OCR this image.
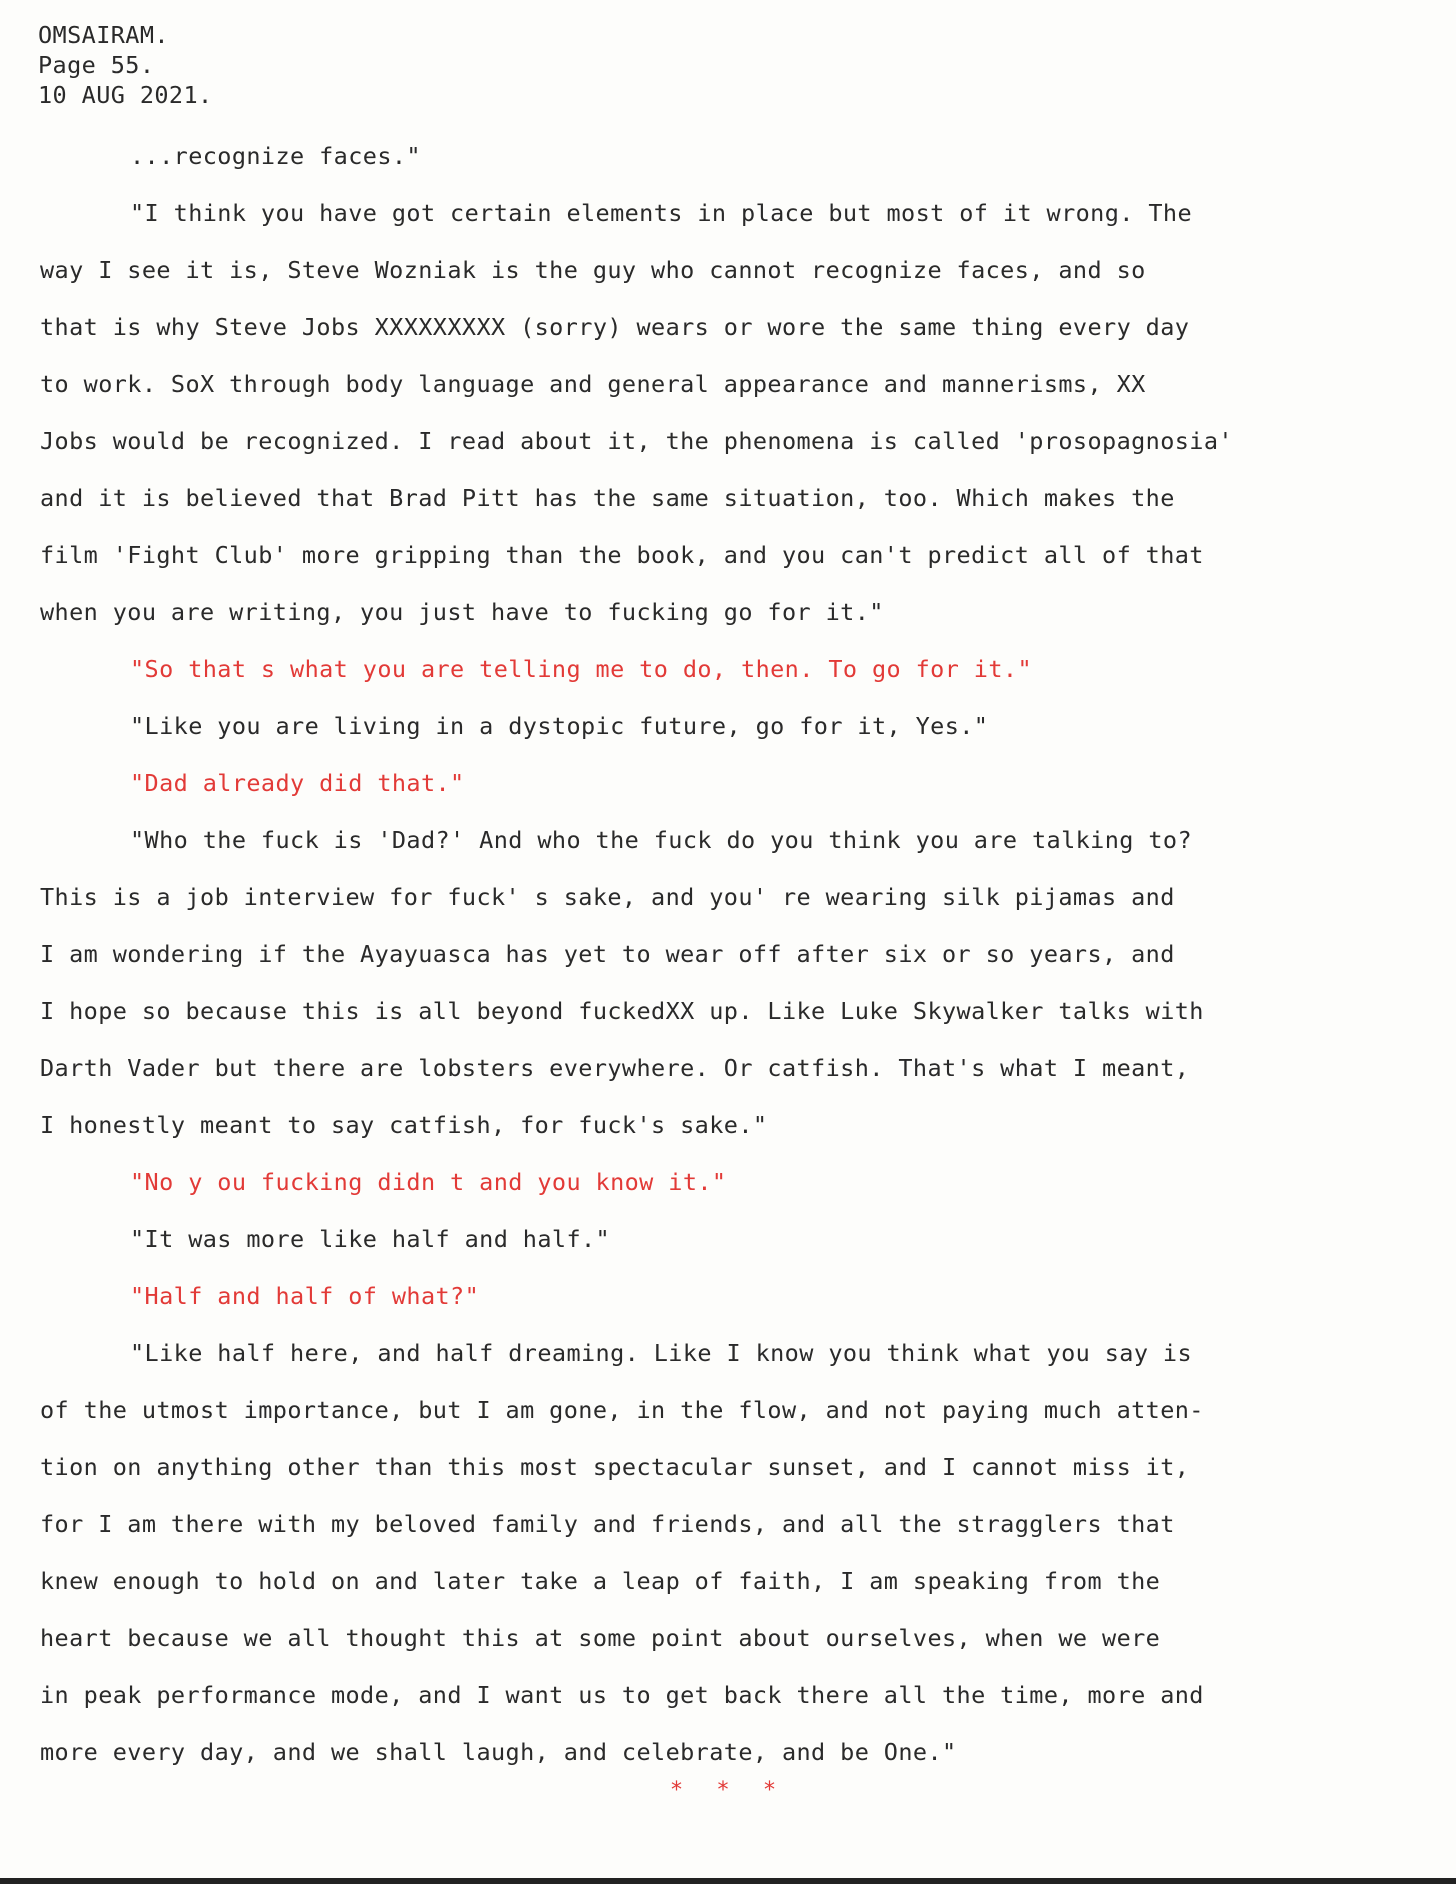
OMSAIRAM.
Page 55.
10 AUG 2021.
...recognize faces."
"I think you have got certain elements in place but most of it wrong. The
way I see it is, Steve Wozniak is the guy who cannot recognize faces, and so
that is why Steve Jobs XXXXXXXXX (sorry) wears or wore the same thing every day
to work. SoX through body language and general appearance and mannerisms, XX
Jobs would be recognized. I read about it, the phenomena is called 'prosopagnosia'
and it is believed that Brad Pitt has the same situation, too. Which makes the
film 'Fight Club' more gripping than the book, and you can't predict all of that
when you are writing, you just have to fucking go for it."
"So that s what you are telling me to do, then. To go for it."
"Like you are living in a dystopic future, go for it, Yes."
"Dad already did that."
"Who the fuck is 'Dad?' And who the fuck do you think you are talking to?
This is a job interview for fuck' s sake, and you' re wearing silk pijamas and
I am wondering if the Ayayuasca has yet to wear off after six or so years, and
I hope so because this is all beyond fuckedXX up. Like Luke Skywalker talks with
Darth Vader but there are lobsters everywhere. Or catfish. That's what I meant,
I honestly meant to say catfish, for fuck's sake."
"No y ou fucking didn t and you know it."
"It was more like half and half."
"Half and half of what?"
"Like half here, and half dreaming. Like I know you think what you say is
of the utmost importance, but I am gone, in the flow, and not paying much atten-
tion on anything other than this most spectacular sunset, and I cannot miss it,
for I am there with my beloved family and friends, and all the stragglers that
knew enough to hold on and later take a leap of faith, I am speaking from the
heart because we all thought this at some point about ourselves, when we were
in peak performance mode, and I want us to get back there all the time, more and
more every day, and we shall laugh, and celebrate, and be One."
* * *
